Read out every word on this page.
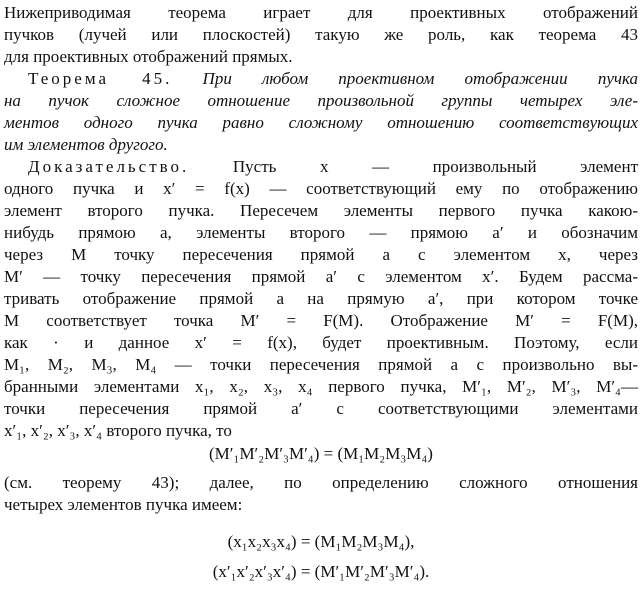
Нижеприводимая теорема играет для проективных отображений
пучков (лучей или плоскостей) такую же роль, как теорема 43
для проективных отображений прямых.
Теорема 45. При любом проективном отображении пучка
на пучок сложное отношение произвольной группы четырех эле-
ментов одного пучка равно сложному отношению соответствующих
им элементов другого.
Доказательство.	Пусть x — произвольный элемент
одного пучка и x′ = f(x) — соответствующий ему по отображению
элемент второго пучка. Пересечем элементы первого пучка какою-
нибудь прямою a, элементы второго — прямою a′ и обозначим
через M точку пересечения прямой a с элементом x, через
M′ — точку пересечения прямой a′ с элементом x′. Будем рассма-
тривать отображение прямой a на прямую a′, при котором точке
M соответствует точка M′ = F(M). Отображение M′ = F(M),
как · и данное x′ = f(x), будет проективным. Поэтому, если
M₁, M₂, M₃, M₄ — точки пересечения прямой a с произвольно вы-
бранными элементами x₁, x₂, x₃, x₄ первого пучка, M′₁, M′₂, M′₃, M′₄—
точки пересечения прямой a′ с соответствующими элементами
x′₁, x′₂, x′₃, x′₄ второго пучка, то
(M′₁M′₂M′₃M′₄) = (M₁M₂M₃M₄)
(см. теорему 43); далее, по определению сложного отношения
четырех элементов пучка имеем:
(x₁x₂x₃x₄) = (M₁M₂M₃M₄),
(x′₁x′₂x′₃x′₄) = (M′₁M′₂M′₃M′₄).
